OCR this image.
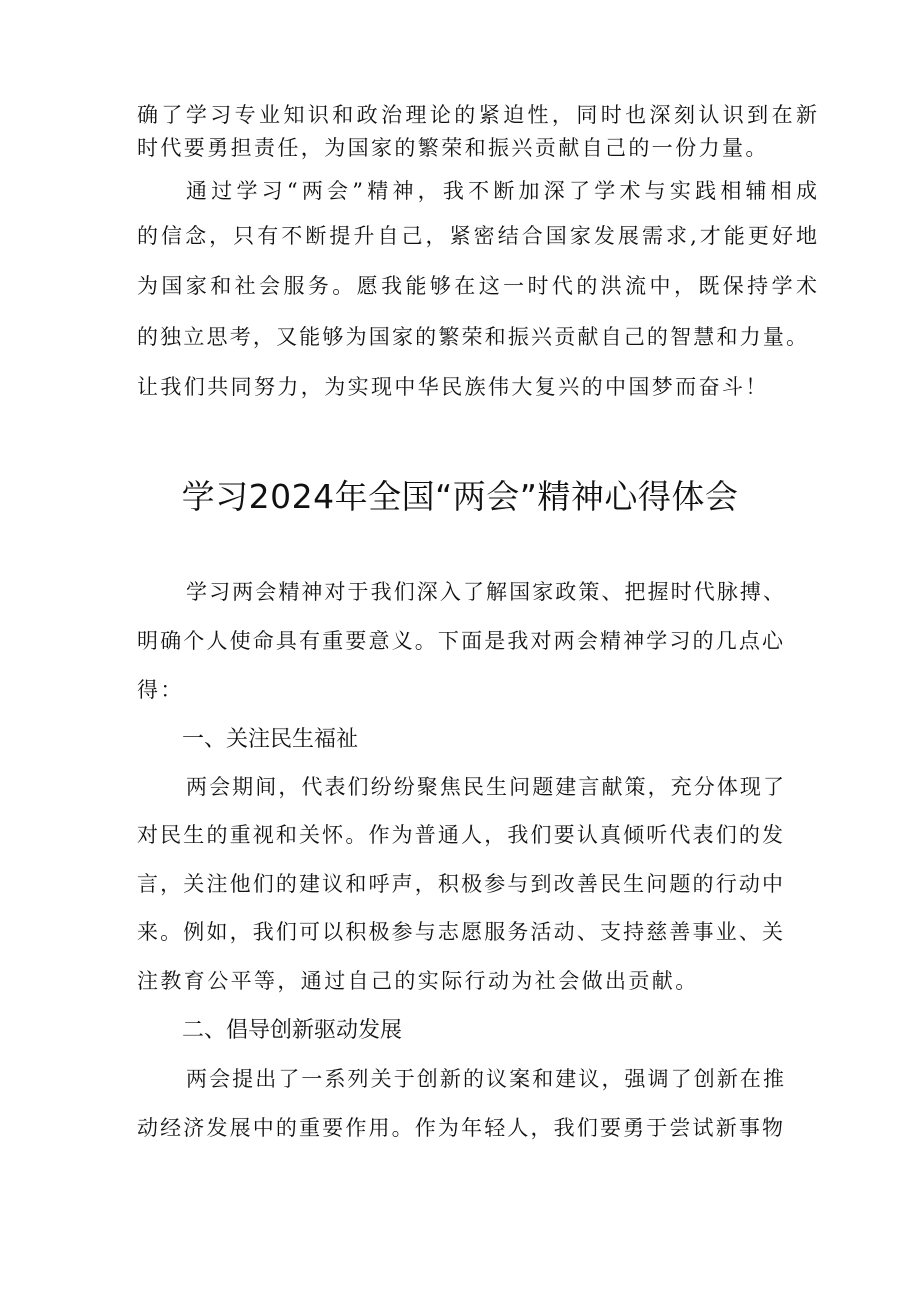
确了学习专业知识和政治理论的紧迫性，同时也深刻认识到在新
时代要勇担责任，为国家的繁荣和振兴贡献自己的一份力量。
通过学习“两会”精神，我不断加深了学术与实践相辅相成
的信念，只有不断提升自己，紧密结合国家发展需求,才能更好地
为国家和社会服务。愿我能够在这一时代的洪流中，既保持学术
的独立思考，又能够为国家的繁荣和振兴贡献自己的智慧和力量。
让我们共同努力，为实现中华民族伟大复兴的中国梦而奋斗！
学习2024年全国“两会”精神心得体会
学习两会精神对于我们深入了解国家政策、把握时代脉搏、
明确个人使命具有重要意义。下面是我对两会精神学习的几点心
得：
一、关注民生福祉
两会期间，代表们纷纷聚焦民生问题建言献策，充分体现了
对民生的重视和关怀。作为普通人，我们要认真倾听代表们的发
言，关注他们的建议和呼声，积极参与到改善民生问题的行动中
来。例如，我们可以积极参与志愿服务活动、支持慈善事业、关
注教育公平等，通过自己的实际行动为社会做出贡献。
二、倡导创新驱动发展
两会提出了一系列关于创新的议案和建议，强调了创新在推
动经济发展中的重要作用。作为年轻人，我们要勇于尝试新事物
